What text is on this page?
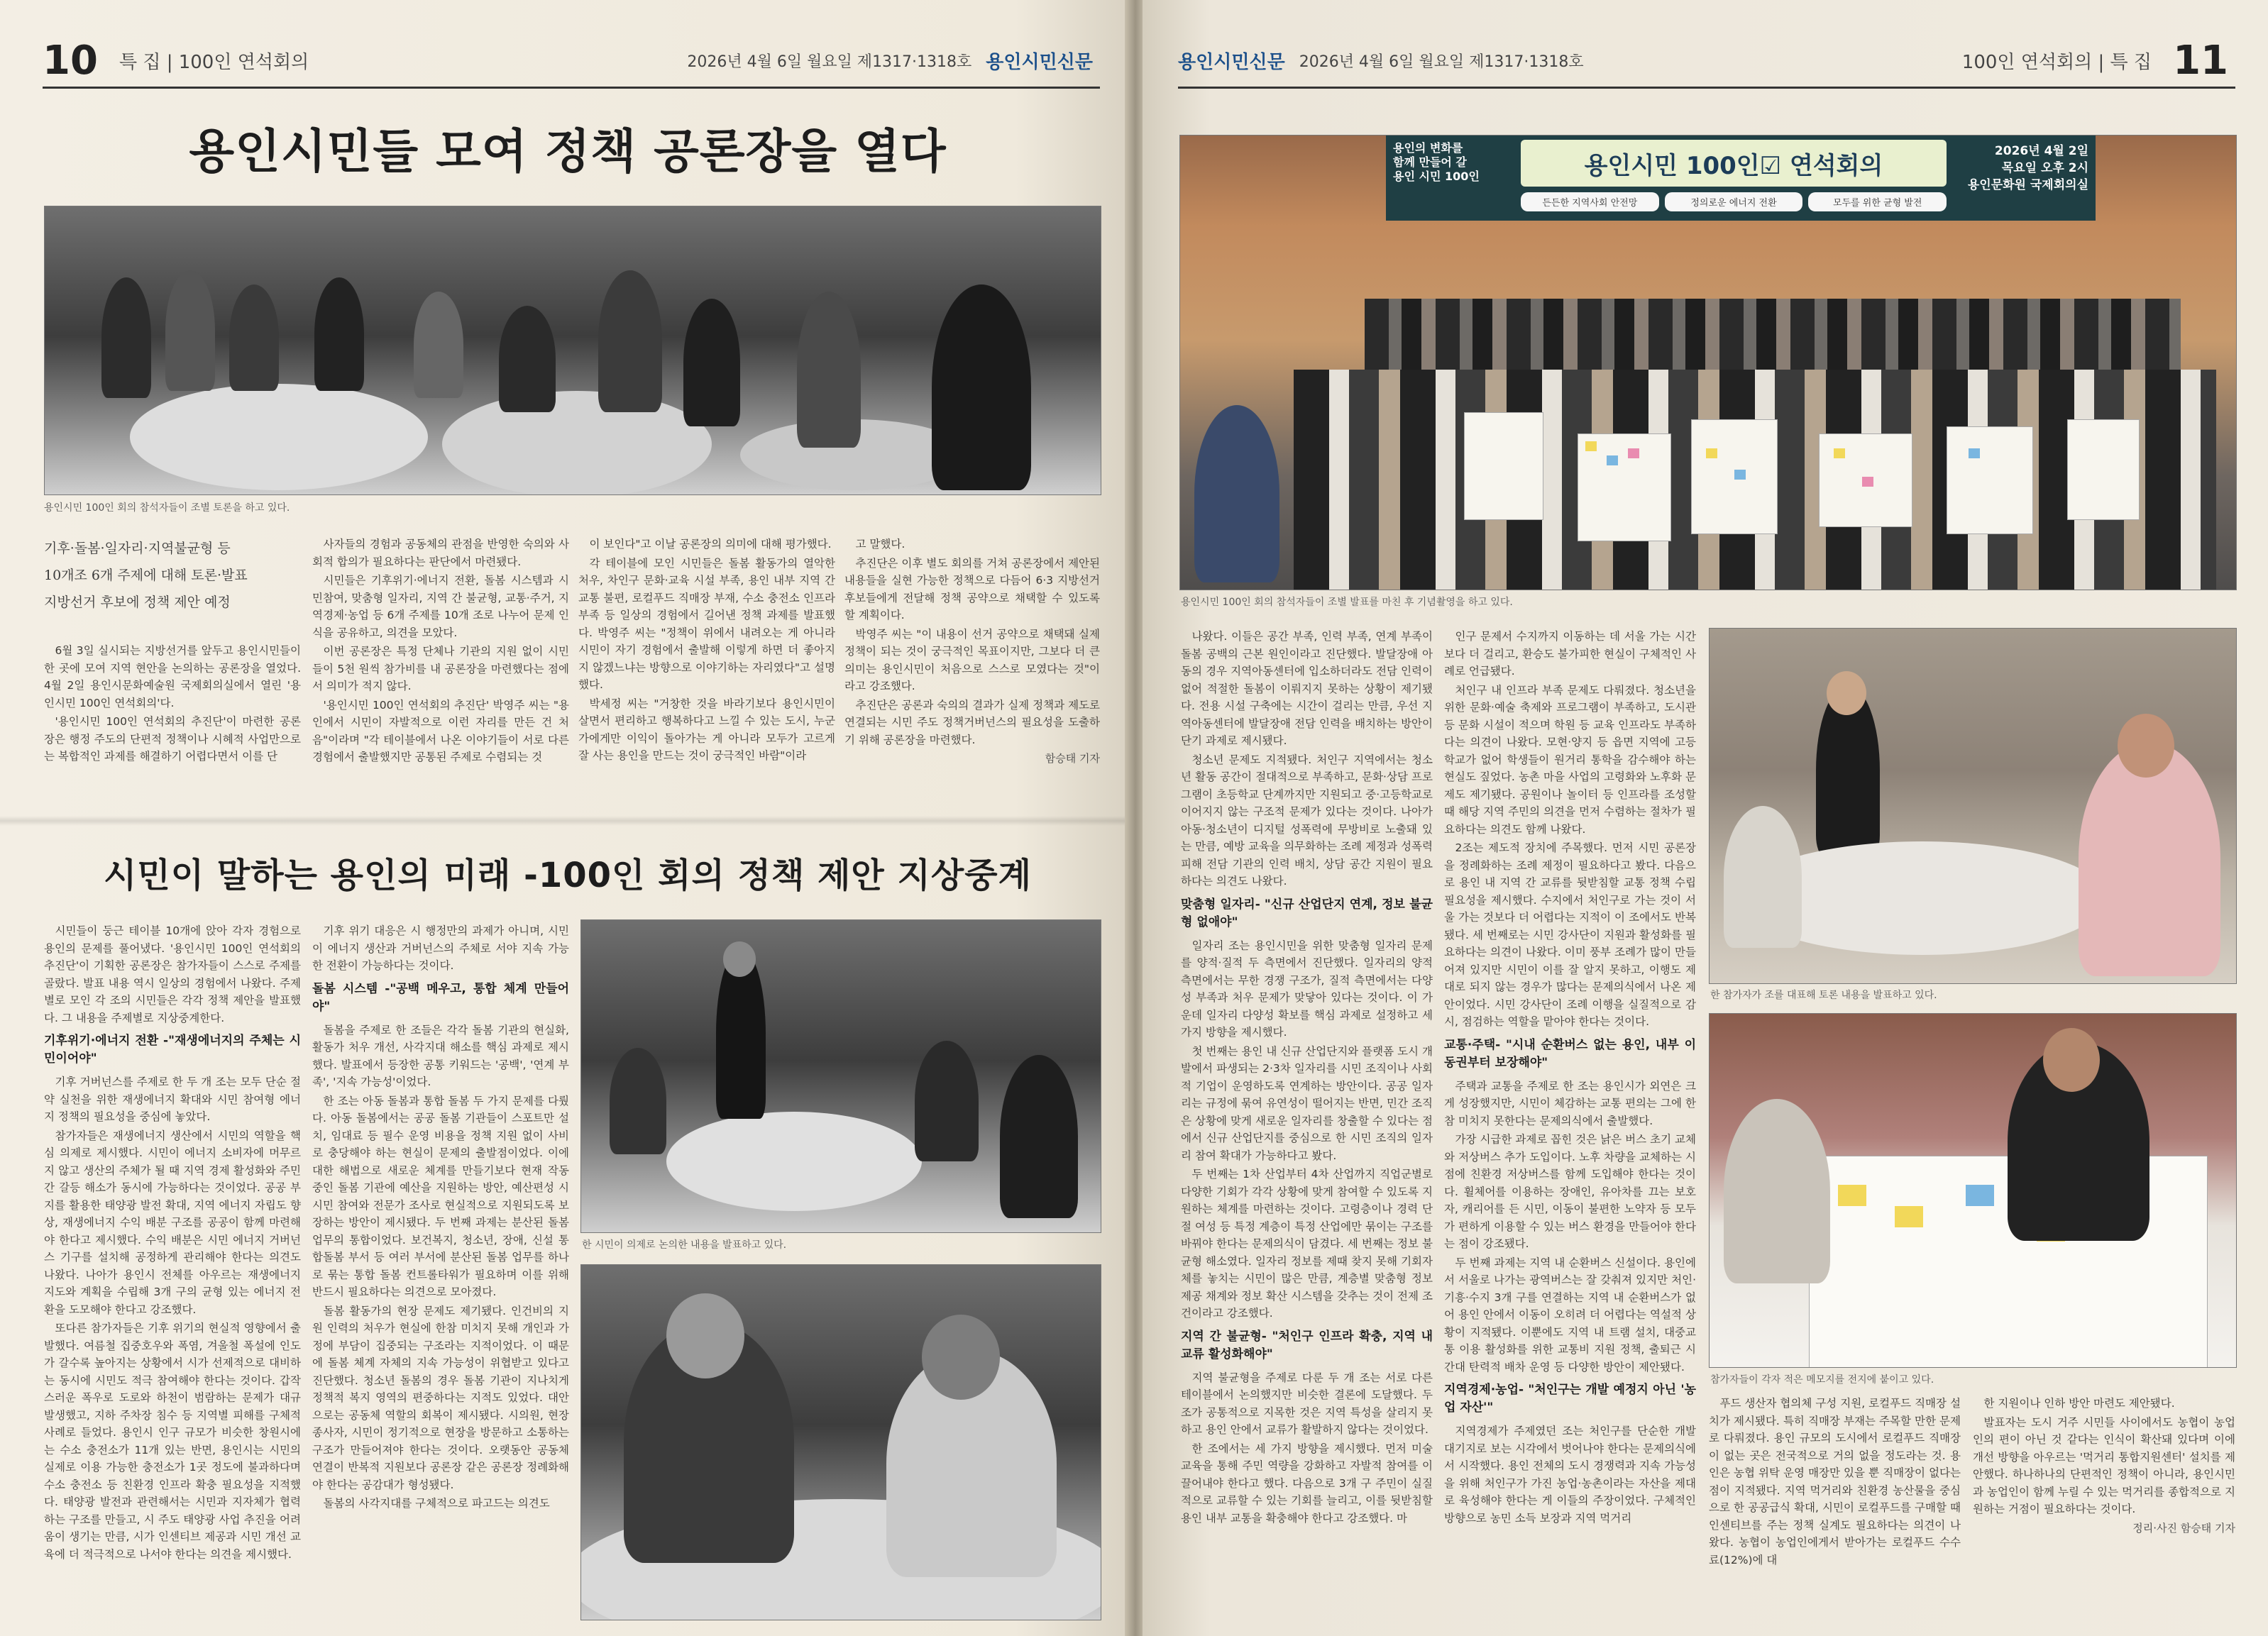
10 특 집 | 100인 연석회의	2026년 4월 6일 월요일 제1317·1318호 용인시민신문
용인시민들 모여 정책 공론장을 열다
용인시민 100인 회의 참석자들이 조별 토론을 하고 있다.
기후·돌봄·일자리·지역불균형 등
10개조 6개 주제에 대해 토론·발표
지방선거 후보에 정책 제안 예정

6월 3일 실시되는 지방선거를 앞두고 용인시민들이 한 곳에 모여 지역 현안을 논의하는 공론장을 열었다. 4월 2일 용인시문화예술원 국제회의실에서 열린 '용인시민 100인 연석회의'다.

'용인시민 100인 연석회의 추진단'이 마련한 공론장은 행정 주도의 단편적 정책이나 시혜적 사업만으로는 복합적인 과제를 해결하기 어렵다면서 이를 단

사자들의 경험과 공동체의 관점을 반영한 숙의와 사회적 합의가 필요하다는 판단에서 마련됐다.

시민들은 기후위기·에너지 전환, 돌봄 시스템과 시민참여, 맞춤형 일자리, 지역 간 불균형, 교통·주거, 지역경제·농업 등 6개 주제를 10개 조로 나누어 문제 인식을 공유하고, 의견을 모았다.

이번 공론장은 특정 단체나 기관의 지원 없이 시민들이 5천 원씩 참가비를 내 공론장을 마련했다는 점에서 의미가 적지 않다.

'용인시민 100인 연석회의 추진단' 박영주 씨는 "용인에서 시민이 자발적으로 이런 자리를 만든 건 처음"이라며 "각 테이블에서 나온 이야기들이 서로 다른 경험에서 출발했지만 공통된 주제로 수렴되는 것

이 보인다"고 이날 공론장의 의미에 대해 평가했다.

각 테이블에 모인 시민들은 돌봄 활동가의 열악한 처우, 차인구 문화·교육 시설 부족, 용인 내부 지역 간 교통 불편, 로컬푸드 직매장 부재, 수소 충전소 인프라 부족 등 일상의 경험에서 길어낸 정책 과제를 발표했다. 박영주 씨는 "정책이 위에서 내려오는 게 아니라 시민이 자기 경험에서 출발해 이렇게 하면 더 좋아지지 않겠느냐는 방향으로 이야기하는 자리였다"고 설명했다.

박세정 씨는 "거창한 것을 바라기보다 용인시민이 살면서 편리하고 행복하다고 느낄 수 있는 도시, 누군가에게만 이익이 돌아가는 게 아니라 모두가 고르게 잘 사는 용인을 만드는 것이 궁극적인 바람"이라

고 말했다.

추진단은 이후 별도 회의를 거쳐 공론장에서 제안된 내용들을 실현 가능한 정책으로 다듬어 6·3 지방선거 후보들에게 전달해 정책 공약으로 채택할 수 있도록 할 계획이다.

박영주 씨는 "이 내용이 선거 공약으로 채택돼 실제 정책이 되는 것이 궁극적인 목표이지만, 그보다 더 큰 의미는 용인시민이 처음으로 스스로 모였다는 것"이라고 강조했다.

추진단은 공론과 숙의의 결과가 실제 정책과 제도로 연결되는 시민 주도 정책거버넌스의 필요성을 도출하기 위해 공론장을 마련했다.

함승태 기자
시민이 말하는 용인의 미래 -100인 회의 정책 제안 지상중계

시민들이 둥근 테이블 10개에 앉아 각자 경험으로 용인의 문제를 풀어냈다. '용인시민 100인 연석회의 추진단'이 기획한 공론장은 참가자들이 스스로 주제를 골랐다. 발표 내용 역시 일상의 경험에서 나왔다. 주제별로 모인 각 조의 시민들은 각각 정책 제안을 발표했다. 그 내용을 주제별로 지상중계한다.

기후위기·에너지 전환 -"재생에너지의 주체는 시민이어야"

기후 거버넌스를 주제로 한 두 개 조는 모두 단순 절약 실천을 위한 재생에너지 확대와 시민 참여형 에너지 정책의 필요성을 중심에 놓았다.

참가자들은 재생에너지 생산에서 시민의 역할을 핵심 의제로 제시했다. 시민이 에너지 소비자에 머무르지 않고 생산의 주체가 될 때 지역 경제 활성화와 주민 간 갈등 해소가 동시에 가능하다는 것이었다. 공공 부지를 활용한 태양광 발전 확대, 지역 에너지 자립도 향상, 재생에너지 수익 배분 구조를 공공이 함께 마련해야 한다고 제시했다. 수익 배분은 시민 에너지 거버넌스 기구를 설치해 공정하게 관리해야 한다는 의견도 나왔다. 나아가 용인시 전체를 아우르는 재생에너지 지도와 계획을 수립해 3개 구의 균형 있는 에너지 전환을 도모해야 한다고 강조했다.

또다른 참가자들은 기후 위기의 현실적 영향에서 출발했다. 여름철 집중호우와 폭염, 겨울철 폭설에 인도가 갈수록 높아지는 상황에서 시가 선제적으로 대비하는 동시에 시민도 적극 참여해야 한다는 것이다. 갑작스러운 폭우로 도로와 하천이 범람하는 문제가 대규 발생했고, 지하 주차장 침수 등 지역별 피해를 구체적 사례로 들었다. 용인시 인구 규모가 비슷한 창원시에는 수소 충전소가 11개 있는 반면, 용인시는 시민의 실제로 이용 가능한 충전소가 1곳 정도에 불과하다며 수소 충전소 등 친환경 인프라 확충 필요성을 지적했다. 태양광 발전과 관련해서는 시민과 지자체가 협력하는 구조를 만들고, 시 주도 태양광 사업 추진을 어려움이 생기는 만큼, 시가 인센티브 제공과 시민 개선 교육에 더 적극적으로 나서야 한다는 의견을 제시했다.

기후 위기 대응은 시 행정만의 과제가 아니며, 시민이 에너지 생산과 거버넌스의 주체로 서야 지속 가능한 전환이 가능하다는 것이다.

돌봄 시스템 -"공백 메우고, 통합 체계 만들어야"

돌봄을 주제로 한 조들은 각각 돌봄 기관의 현실화, 활동가 처우 개선, 사각지대 해소를 핵심 과제로 제시했다. 발표에서 등장한 공통 키워드는 '공백', '연계 부족', '지속 가능성'이었다.

한 조는 아동 돌봄과 통합 돌봄 두 가지 문제를 다뤘다. 아동 돌봄에서는 공공 돌봄 기관들이 스포트만 설치, 임대료 등 필수 운영 비용을 정책 지원 없이 사비로 충당해야 하는 현실이 문제의 출발점이었다. 이에 대한 해법으로 새로운 체계를 만들기보다 현재 작동 중인 돌봄 기관에 예산을 지원하는 방안, 예산편성 시 시민 참여와 전문가 조사로 현실적으로 지원되도록 보장하는 방안이 제시됐다. 두 번째 과제는 분산된 돌봄 업무의 통합이었다. 보건복지, 청소년, 장애, 신설 통합돌봄 부서 등 여러 부서에 분산된 돌봄 업무를 하나로 묶는 통합 돌봄 컨트롤타워가 필요하며 이를 위해 반드시 필요하다는 의견으로 모아졌다.

돌봄 활동가의 현장 문제도 제기됐다. 인건비의 지원 인력의 처우가 현실에 한참 미치지 못해 개인과 가정에 부담이 집중되는 구조라는 지적이었다. 이 때문에 돌봄 체계 자체의 지속 가능성이 위협받고 있다고 진단했다. 청소년 돌봄의 경우 돌봄 기관이 지나치게 정책적 복지 영역의 편중하다는 지적도 있었다. 대안으로는 공동체 역할의 회복이 제시됐다. 시의원, 현장 종사자, 시민이 정기적으로 현장을 방문하고 소통하는 구조가 만들어져야 한다는 것이다. 오랫동안 공동체 연결이 반복적 지원보다 공론장 같은 공론장 정례화해야 한다는 공감대가 형성됐다.

돌봄의 사각지대를 구체적으로 파고드는 의견도

한 시민이 의제로 논의한 내용을 발표하고 있다.
용인시민신문 2026년 4월 6일 월요일 제1317·1318호	100인 연석회의 | 특 집 11
용인의 변화를
함께 만들어 갈
용인 시민 100인	용인시민 100인☑ 연석회의
든든한 지역사회 안전망	정의로운 에너지 전환	모두를 위한 균형 발전
2026년 4월 2일
목요일 오후 2시
용인문화원 국제회의실
용인시민 100인 회의 참석자들이 조별 발표를 마친 후 기념촬영을 하고 있다.

나왔다. 이들은 공간 부족, 인력 부족, 연계 부족이 돌봄 공백의 근본 원인이라고 진단했다. 발달장애 아동의 경우 지역아동센터에 입소하더라도 전담 인력이 없어 적절한 돌봄이 이뤄지지 못하는 상황이 제기됐다. 전용 시설 구축에는 시간이 걸리는 만큼, 우선 지역아동센터에 발달장애 전담 인력을 배치하는 방안이 단기 과제로 제시됐다.

청소년 문제도 지적됐다. 처인구 지역에서는 청소년 활동 공간이 절대적으로 부족하고, 문화·상담 프로그램이 초등학교 단계까지만 지원되고 중·고등학교로 이어지지 않는 구조적 문제가 있다는 것이다. 나아가 아동·청소년이 디지털 성폭력에 무방비로 노출돼 있는 만큼, 예방 교육을 의무화하는 조례 제정과 성폭력 피해 전담 기관의 인력 배치, 상담 공간 지원이 필요하다는 의견도 나왔다.

맞춤형 일자리- "신규 산업단지 연계, 정보 불균형 없애야"

일자리 조는 용인시민을 위한 맞춤형 일자리 문제를 양적·질적 두 측면에서 진단했다. 일자리의 양적 측면에서는 무한 경쟁 구조가, 질적 측면에서는 다양성 부족과 처우 문제가 맞닿아 있다는 것이다. 이 가운데 일자리 다양성 확보를 핵심 과제로 설정하고 세 가지 방향을 제시했다.

첫 번째는 용인 내 신규 산업단지와 플랫폼 도시 개발에서 파생되는 2·3차 일자리를 시민 조직이나 사회적 기업이 운영하도록 연계하는 방안이다. 공공 일자리는 규정에 묶여 유연성이 떨어지는 반면, 민간 조직은 상황에 맞게 새로운 일자리를 창출할 수 있다는 점에서 신규 산업단지를 중심으로 한 시민 조직의 일자리 참여 확대가 가능하다고 봤다.

두 번째는 1차 산업부터 4차 산업까지 직업군별로 다양한 기회가 각각 상황에 맞게 참여할 수 있도록 지원하는 체계를 마련하는 것이다. 고령층이나 경력 단절 여성 등 특정 계층이 특정 산업에만 묶이는 구조를 바꿔야 한다는 문제의식이 담겼다. 세 번째는 정보 불균형 해소였다. 일자리 정보를 제때 찾지 못해 기회자체를 놓치는 시민이 많은 만큼, 계층별 맞춤형 정보 제공 채계와 정보 확산 시스템을 갖추는 것이 전제 조건이라고 강조했다.

지역 간 불균형- "처인구 인프라 확충, 지역 내 교류 활성화해야"

지역 불균형을 주제로 다룬 두 개 조는 서로 다른 테이블에서 논의했지만 비슷한 결론에 도달했다. 두 조가 공통적으로 지목한 것은 지역 특성을 살리지 못하고 용인 안에서 교류가 활발하지 않다는 것이었다.

한 조에서는 세 가지 방향을 제시했다. 먼저 미술 교육을 통해 주민 역량을 강화하고 자발적 참여를 이끌어내야 한다고 했다. 다음으로 3개 구 주민이 실질적으로 교류할 수 있는 기회를 늘리고, 이를 뒷받침할 용인 내부 교통을 확충해야 한다고 강조했다. 마

인구 문제서 수지까지 이동하는 데 서울 가는 시간보다 더 걸리고, 환승도 불가피한 현실이 구체적인 사례로 언급됐다.

처인구 내 인프라 부족 문제도 다뤄졌다. 청소년을 위한 문화·예술 축제와 프로그램이 부족하고, 도시관 등 문화 시설이 적으며 학원 등 교육 인프라도 부족하다는 의견이 나왔다. 모현·양지 등 읍면 지역에 고등학교가 없어 학생들이 원거리 통학을 감수해야 하는 현실도 짚었다. 농촌 마을 사업의 고령화와 노후화 문제도 제기됐다. 공원이나 놀이터 등 인프라를 조성할 때 해당 지역 주민의 의견을 먼저 수렴하는 절차가 필요하다는 의견도 함께 나왔다.

2조는 제도적 장치에 주목했다. 먼저 시민 공론장을 정례화하는 조례 제정이 필요하다고 봤다. 다음으로 용인 내 지역 간 교류를 뒷받침할 교통 정책 수립 필요성을 제시했다. 수지에서 처인구로 가는 것이 서울 가는 것보다 더 어렵다는 지적이 이 조에서도 반복됐다. 세 번째로는 시민 강사단이 지원과 활성화를 필요하다는 의견이 나왔다. 이미 풍부 조례가 많이 만들어져 있지만 시민이 이를 잘 알지 못하고, 이행도 제대로 되지 않는 경우가 많다는 문제의식에서 나온 제안이었다. 시민 강사단이 조례 이행을 실질적으로 감시, 점검하는 역할을 맡아야 한다는 것이다.

교통·주택- "시내 순환버스 없는 용인, 내부 이동권부터 보장해야"

주택과 교통을 주제로 한 조는 용인시가 외연은 크게 성장했지만, 시민이 체감하는 교통 편의는 그에 한참 미치지 못한다는 문제의식에서 출발했다.

가장 시급한 과제로 꼽힌 것은 낡은 버스 초기 교체와 저상버스 추가 도입이다. 노후 차량을 교체하는 시점에 친환경 저상버스를 함께 도입해야 한다는 것이다. 휠체어를 이용하는 장애인, 유아차를 끄는 보호자, 캐리어를 든 시민, 이동이 불편한 노약자 등 모두가 편하게 이용할 수 있는 버스 환경을 만들어야 한다는 점이 강조됐다.

두 번째 과제는 지역 내 순환버스 신설이다. 용인에서 서울로 나가는 광역버스는 잘 갖춰져 있지만 처인·기흥·수지 3개 구를 연결하는 지역 내 순환버스가 없어 용인 안에서 이동이 오히려 더 어렵다는 역설적 상황이 지적됐다. 이뿐에도 지역 내 트램 설치, 대중교통 이용 활성화를 위한 교통비 지원 정책, 출퇴근 시간대 탄력적 배차 운영 등 다양한 방안이 제안됐다.

지역경제·농업- "처인구는 개발 예정지 아닌 '농업 자산'"

지역경제가 주제였던 조는 처인구를 단순한 개발 대기지로 보는 시각에서 벗어나야 한다는 문제의식에서 시작했다. 용인 전체의 도시 경쟁력과 지속 가능성을 위해 처인구가 가진 농업·농촌이라는 자산을 제대로 육성해야 한다는 게 이들의 주장이었다. 구체적인 방향으로 농민 소득 보장과 지역 먹거리

한 참가자가 조를 대표해 토론 내용을 발표하고 있다.
참가자들이 각자 적은 메모지를 전지에 붙이고 있다.

푸드 생산자 협의체 구성 지원, 로컬푸드 직매장 설치가 제시됐다. 특히 직매장 부재는 주목할 만한 문제로 다뤄졌다. 용인 규모의 도시에서 로컬푸드 직매장이 없는 곳은 전국적으로 거의 없을 정도라는 것. 용인은 농협 위탁 운영 매장만 있을 뿐 직매장이 없다는 점이 지적됐다. 지역 먹거리와 친환경 농산물을 중심으로 한 공공급식 확대, 시민이 로컬푸드를 구매할 때 인센티브를 주는 정책 실계도 필요하다는 의견이 나왔다. 농협이 농업인에게서 받아가는 로컬푸드 수수료(12%)에 대

한 지원이나 인하 방안 마련도 제안됐다.

발표자는 도시 거주 시민들 사이에서도 농협이 농업인의 편이 아닌 것 같다는 인식이 확산돼 있다며 이에 개선 방향을 아우르는 '먹거리 통합지원센터' 설치를 제안했다. 하나하나의 단편적인 정책이 아니라, 용인시민과 농업인이 함께 누릴 수 있는 먹거리를 종합적으로 지원하는 거점이 필요하다는 것이다.

정리·사진 함승태 기자
